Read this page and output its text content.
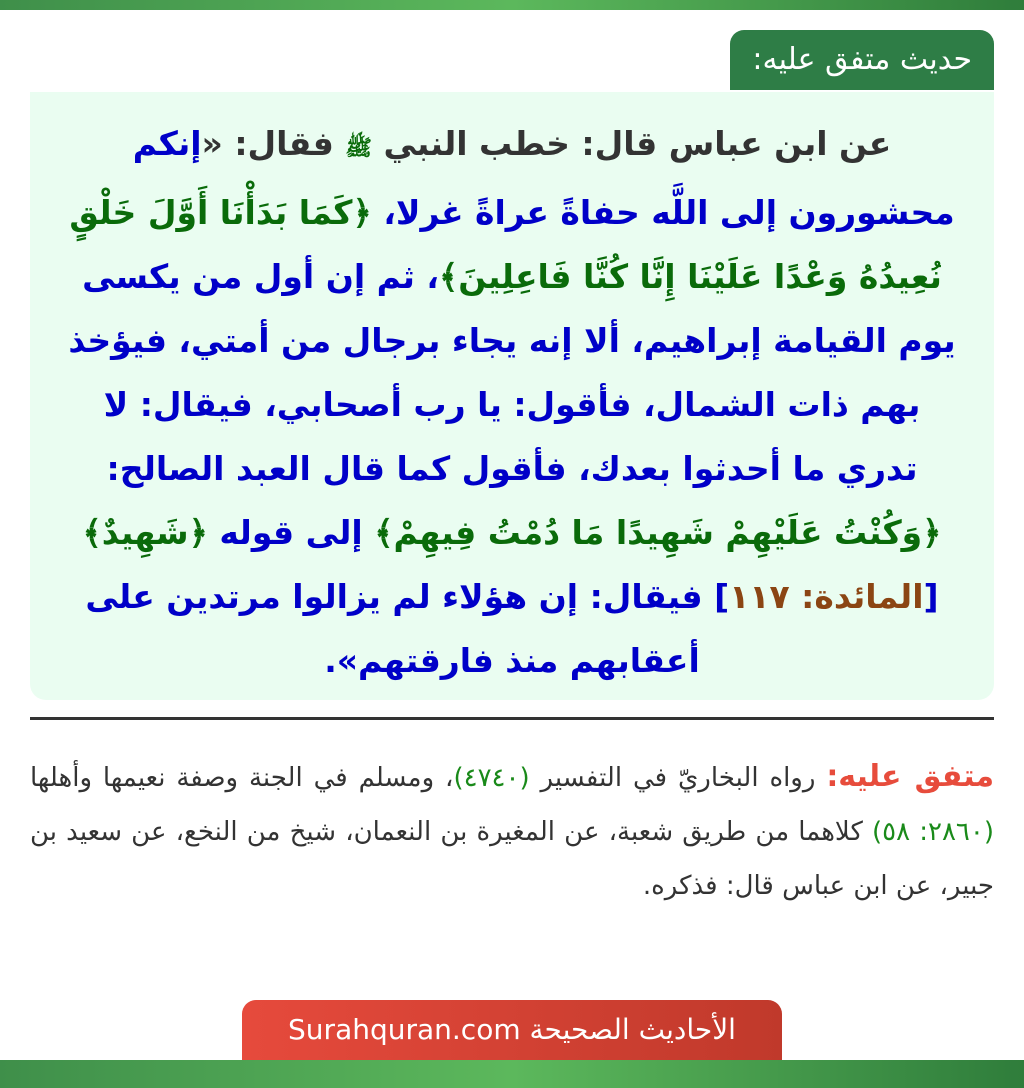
حديث متفق عليه:
عن ابن عباس قال: خطب النبي ﷺ فقال: «إنكم محشورون إلى اللَّه حفاةً عراةً غرلا، ﴿كَمَا بَدَأْنَا أَوَّلَ خَلْقٍ نُعِيدُهُ وَعْدًا عَلَيْنَا إِنَّا كُنَّا فَاعِلِينَ﴾، ثم إن أول من يكسى يوم القيامة إبراهيم، ألا إنه يجاء برجال من أمتي، فيؤخذ بهم ذات الشمال، فأقول: يا رب أصحابي، فيقال: لا تدري ما أحدثوا بعدك، فأقول كما قال العبد الصالح: ﴿وَكُنْتُ عَلَيْهِمْ شَهِيدًا مَا دُمْتُ فِيهِمْ﴾ إلى قوله ﴿شَهِيدٌ﴾ [المائدة: ١١٧] فيقال: إن هؤلاء لم يزالوا مرتدين على أعقابهم منذ فارقتهم».
متفق عليه: رواه البخاريّ في التفسير (٤٧٤٠)، ومسلم في الجنة وصفة نعيمها وأهلها (٢٨٦٠: ٥٨) كلاهما من طريق شعبة، عن المغيرة بن النعمان، شيخ من النخع، عن سعيد بن جبير، عن ابن عباس قال: فذكره.
الأحاديث الصحيحة Surahquran.com
